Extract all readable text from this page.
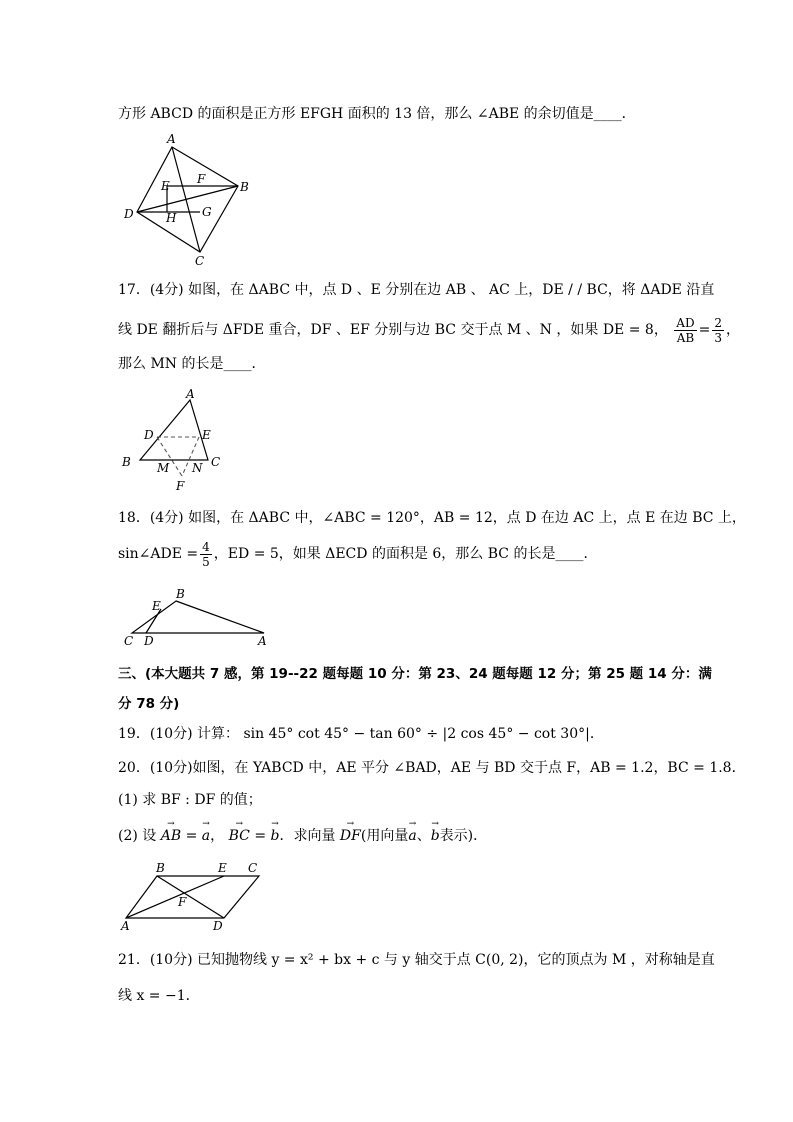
方形 ABCD 的面积是正方形 EFGH 面积的 13 倍，那么 ∠ABE 的余切值是____．
A
B
C
D
E F
G
H
17．(4分) 如图，在 ΔABC 中，点 D 、E 分别在边 AB 、 AC 上，DE / / BC，将 ΔADE 沿直
线 DE 翻折后与 ΔFDE 重合，DF 、EF 分别与边 BC 交于点 M 、N ，如果 DE = 8， $\frac{AD}{AB} = \frac{2}{3}$ ，
那么 MN 的长是____．
A
D	E
B M N C
F
18．(4分) 如图，在 ΔABC 中，∠ABC = 120°，AB = 12，点 D 在边 AC 上，点 E 在边 BC 上，
sin∠ADE = $\frac{4}{5}$ ，ED = 5，如果 ΔECD 的面积是 6，那么 BC 的长是____．
B
E
C D	A
三、(本大题共 7 感，第 19--22 题每题 10 分：第 23、24 题每题 12 分；第 25 题 14 分：满
分 78 分)
19．(10分) 计算： sin 45° cot 45° − tan 60° ÷ |2 cos 45° − cot 30°|．
20．(10分)如图，在 YABCD 中，AE 平分 ∠BAD，AE 与 BD 交于点 F，AB = 1.2，BC = 1.8．
(1) 求 BF : DF 的值；
(2) 设
→
AB =
→
a，
→
BC =
→
b．求向量
→
DF(用向量
→
a、
→
b表示)．
B	E C
F
A	D
21．(10分) 已知抛物线 y = x² + bx + c 与 y 轴交于点 C(0, 2)，它的顶点为 M ，对称轴是直
线 x = −1．
